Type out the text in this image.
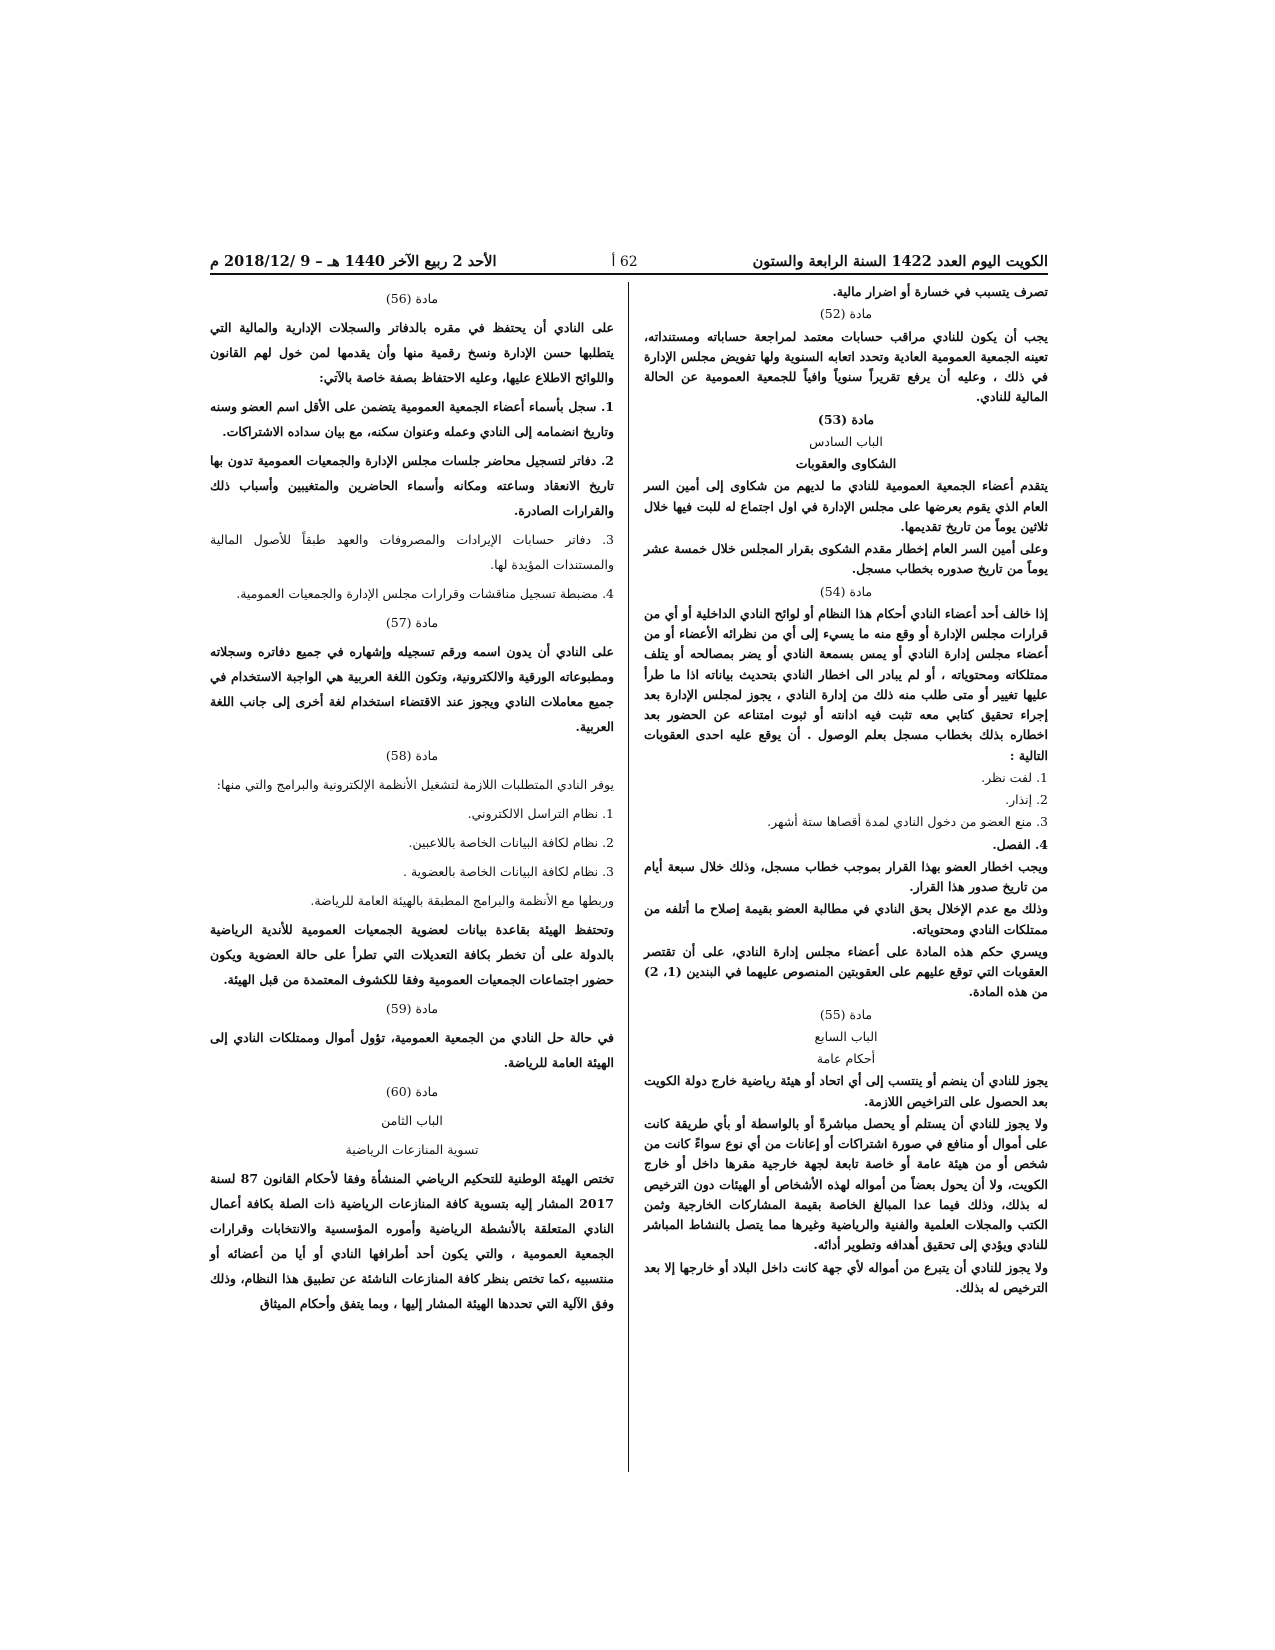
الكويت اليوم العدد 1422 السنة الرابعة والستون
62 أ
الأحد 2 ربيع الآخر 1440 هـ – 9 /2018/12 م

تصرف يتسبب في خسارة أو اضرار مالية.

مادة (52)

يجب أن يكون للنادي مراقب حسابات معتمد لمراجعة حساباته ومستنداته، تعينه الجمعية العمومية العادية وتحدد اتعابه السنوية ولها تفويض مجلس الإدارة في ذلك ، وعليه أن يرفع تقريراً سنوياً وافياً للجمعية العمومية عن الحالة المالية للنادي.

مادة (53)

الباب السادس

الشكاوى والعقوبات

يتقدم أعضاء الجمعية العمومية للنادي ما لديهم من شكاوى إلى أمين السر العام الذي يقوم بعرضها على مجلس الإدارة في اول اجتماع له للبت فيها خلال ثلاثين يوماً من تاريخ تقديمها.

وعلى أمين السر العام إخطار مقدم الشكوى بقرار المجلس خلال خمسة عشر يوماً من تاريخ صدوره بخطاب مسجل.

مادة (54)

إذا خالف أحد أعضاء النادي أحكام هذا النظام أو لوائح النادي الداخلية أو أي من قرارات مجلس الإدارة أو وقع منه ما يسيء إلى أي من نظرائه الأعضاء أو من أعضاء مجلس إدارة النادي أو يمس بسمعة النادي أو يضر بمصالحه أو يتلف ممتلكاته ومحتوياته ، أو لم يبادر الى اخطار النادي بتحديث بياناته اذا ما طرأ عليها تغيير أو متى طلب منه ذلك من إدارة النادي ، يجوز لمجلس الإدارة بعد إجراء تحقيق كتابي معه تثبت فيه ادانته أو ثبوت امتناعه عن الحضور بعد اخطاره بذلك بخطاب مسجل بعلم الوصول . أن يوقع عليه احدى العقوبات التالية :

1. لفت نظر.

2. إنذار.

3. منع العضو من دخول النادي لمدة أقصاها ستة أشهر.

4. الفصل.

ويجب اخطار العضو بهذا القرار بموجب خطاب مسجل، وذلك خلال سبعة أيام من تاريخ صدور هذا القرار.

وذلك مع عدم الإخلال بحق النادي في مطالبة العضو بقيمة إصلاح ما أتلفه من ممتلكات النادي ومحتوياته.

ويسري حكم هذه المادة على أعضاء مجلس إدارة النادي، على أن تقتصر العقوبات التي توقع عليهم على العقوبتين المنصوص عليهما في البندين (1، 2) من هذه المادة.

مادة (55)

الباب السابع

أحكام عامة

يجوز للنادي أن ينضم أو ينتسب إلى أي اتحاد أو هيئة رياضية خارج دولة الكويت بعد الحصول على التراخيص اللازمة.

ولا يجوز للنادي أن يستلم أو يحصل مباشرةً أو بالواسطة أو بأي طريقة كانت على أموال أو منافع في صورة اشتراكات أو إعانات من أي نوع سواءً كانت من شخص أو من هيئة عامة أو خاصة تابعة لجهة خارجية مقرها داخل أو خارج الكويت، ولا أن يحول بعضاً من أمواله لهذه الأشخاص أو الهيئات دون الترخيص له بذلك، وذلك فيما عدا المبالغ الخاصة بقيمة المشاركات الخارجية وثمن الكتب والمجلات العلمية والفنية والرياضية وغيرها مما يتصل بالنشاط المباشر للنادي ويؤدي إلى تحقيق أهدافه وتطوير أدائه.

ولا يجوز للنادي أن يتبرع من أمواله لأي جهة كانت داخل البلاد أو خارجها إلا بعد الترخيص له بذلك.

مادة (56)

على النادي أن يحتفظ في مقره بالدفاتر والسجلات الإدارية والمالية التي يتطلبها حسن الإدارة ونسخ رقمية منها وأن يقدمها لمن خول لهم القانون واللوائح الاطلاع عليها، وعليه الاحتفاظ بصفة خاصة بالآتي:

1. سجل بأسماء أعضاء الجمعية العمومية يتضمن على الأقل اسم العضو وسنه وتاريخ انضمامه إلى النادي وعمله وعنوان سكنه، مع بيان سداده الاشتراكات.

2. دفاتر لتسجيل محاضر جلسات مجلس الإدارة والجمعيات العمومية تدون بها تاريخ الانعقاد وساعته ومكانه وأسماء الحاضرين والمتغيبين وأسباب ذلك والقرارات الصادرة.

3. دفاتر حسابات الإيرادات والمصروفات والعهد طبقاً للأصول المالية والمستندات المؤيدة لها.

4. مضبطة تسجيل مناقشات وقرارات مجلس الإدارة والجمعيات العمومية.

مادة (57)

على النادي أن يدون اسمه ورقم تسجيله وإشهاره في جميع دفاتره وسجلاته ومطبوعاته الورقية والالكترونية، وتكون اللغة العربية هي الواجبة الاستخدام في جميع معاملات النادي ويجوز عند الاقتضاء استخدام لغة أخرى إلى جانب اللغة العربية.

مادة (58)

يوفر النادي المتطلبات اللازمة لتشغيل الأنظمة الإلكترونية والبرامج والتي منها:

1. نظام التراسل الالكتروني.

2. نظام لكافة البيانات الخاصة باللاعبين.

3. نظام لكافة البيانات الخاصة بالعضوية .

وربطها مع الأنظمة والبرامج المطبقة بالهيئة العامة للرياضة.

وتحتفظ الهيئة بقاعدة بيانات لعضوية الجمعيات العمومية للأندية الرياضية بالدولة على أن تخطر بكافة التعديلات التي تطرأ على حالة العضوية ويكون حضور اجتماعات الجمعيات العمومية وفقا للكشوف المعتمدة من قبل الهيئة.

مادة (59)

في حالة حل النادي من الجمعية العمومية، تؤول أموال وممتلكات النادي إلى الهيئة العامة للرياضة.

مادة (60)

الباب الثامن

تسوية المنازعات الرياضية

تختص الهيئة الوطنية للتحكيم الرياضي المنشأة وفقا لأحكام القانون 87 لسنة 2017 المشار إليه بتسوية كافة المنازعات الرياضية ذات الصلة بكافة أعمال النادي المتعلقة بالأنشطة الرياضية وأموره المؤسسية والانتخابات وقرارات الجمعية العمومية ، والتي يكون أحد أطرافها النادي أو أيا من أعضائه أو منتسبيه ،كما تختص بنظر كافة المنازعات الناشئة عن تطبيق هذا النظام، وذلك وفق الآلية التي تحددها الهيئة المشار إليها ، وبما يتفق وأحكام الميثاق
